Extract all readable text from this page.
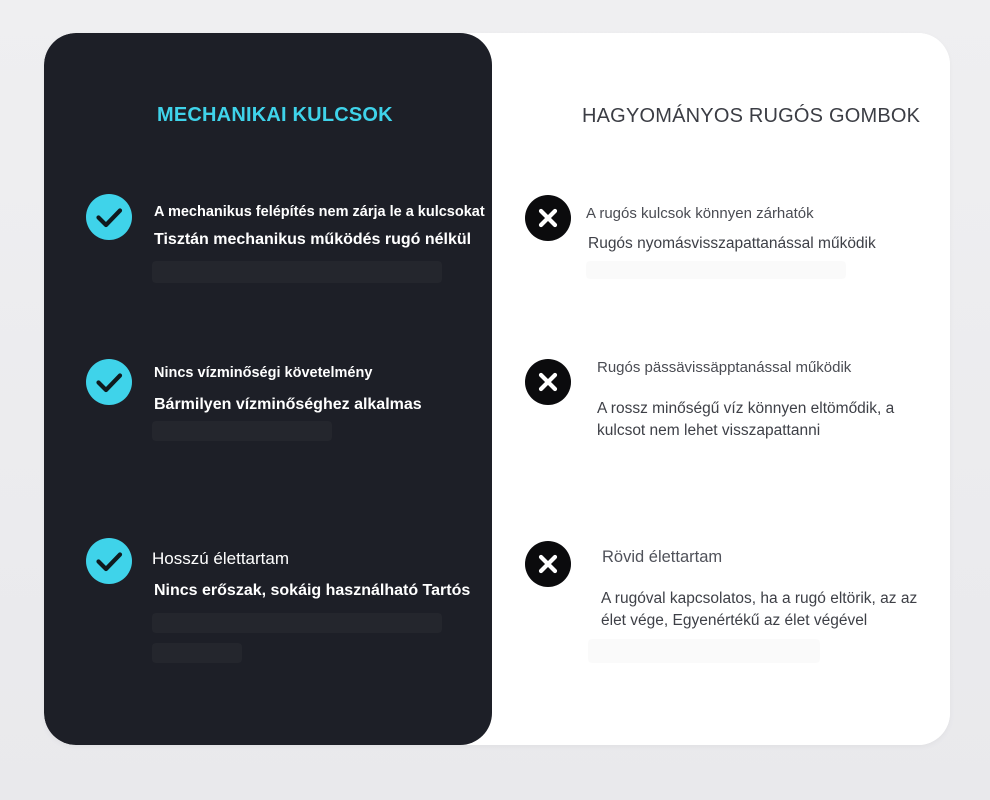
MECHANIKAI KULCSOK
A mechanikus felépítés nem zárja le a kulcsokat
Tisztán mechanikus működés rugó nélkül
Nincs vízminőségi követelmény
Bármilyen vízminőséghez alkalmas
Hosszú élettartam
Nincs erőszak, sokáig használható Tartós
HAGYOMÁNYOS RUGÓS GOMBOK
A rugós kulcsok könnyen zárhatók
Rugós nyomásvisszapattanással működik
Rugós pässävissäpptanással működik
A rossz minőségű víz könnyen eltömődik, a
kulcsot nem lehet visszapattanni
Rövid élettartam
A rugóval kapcsolatos, ha a rugó eltörik, az az
élet vége, Egyenértékű az élet végével
